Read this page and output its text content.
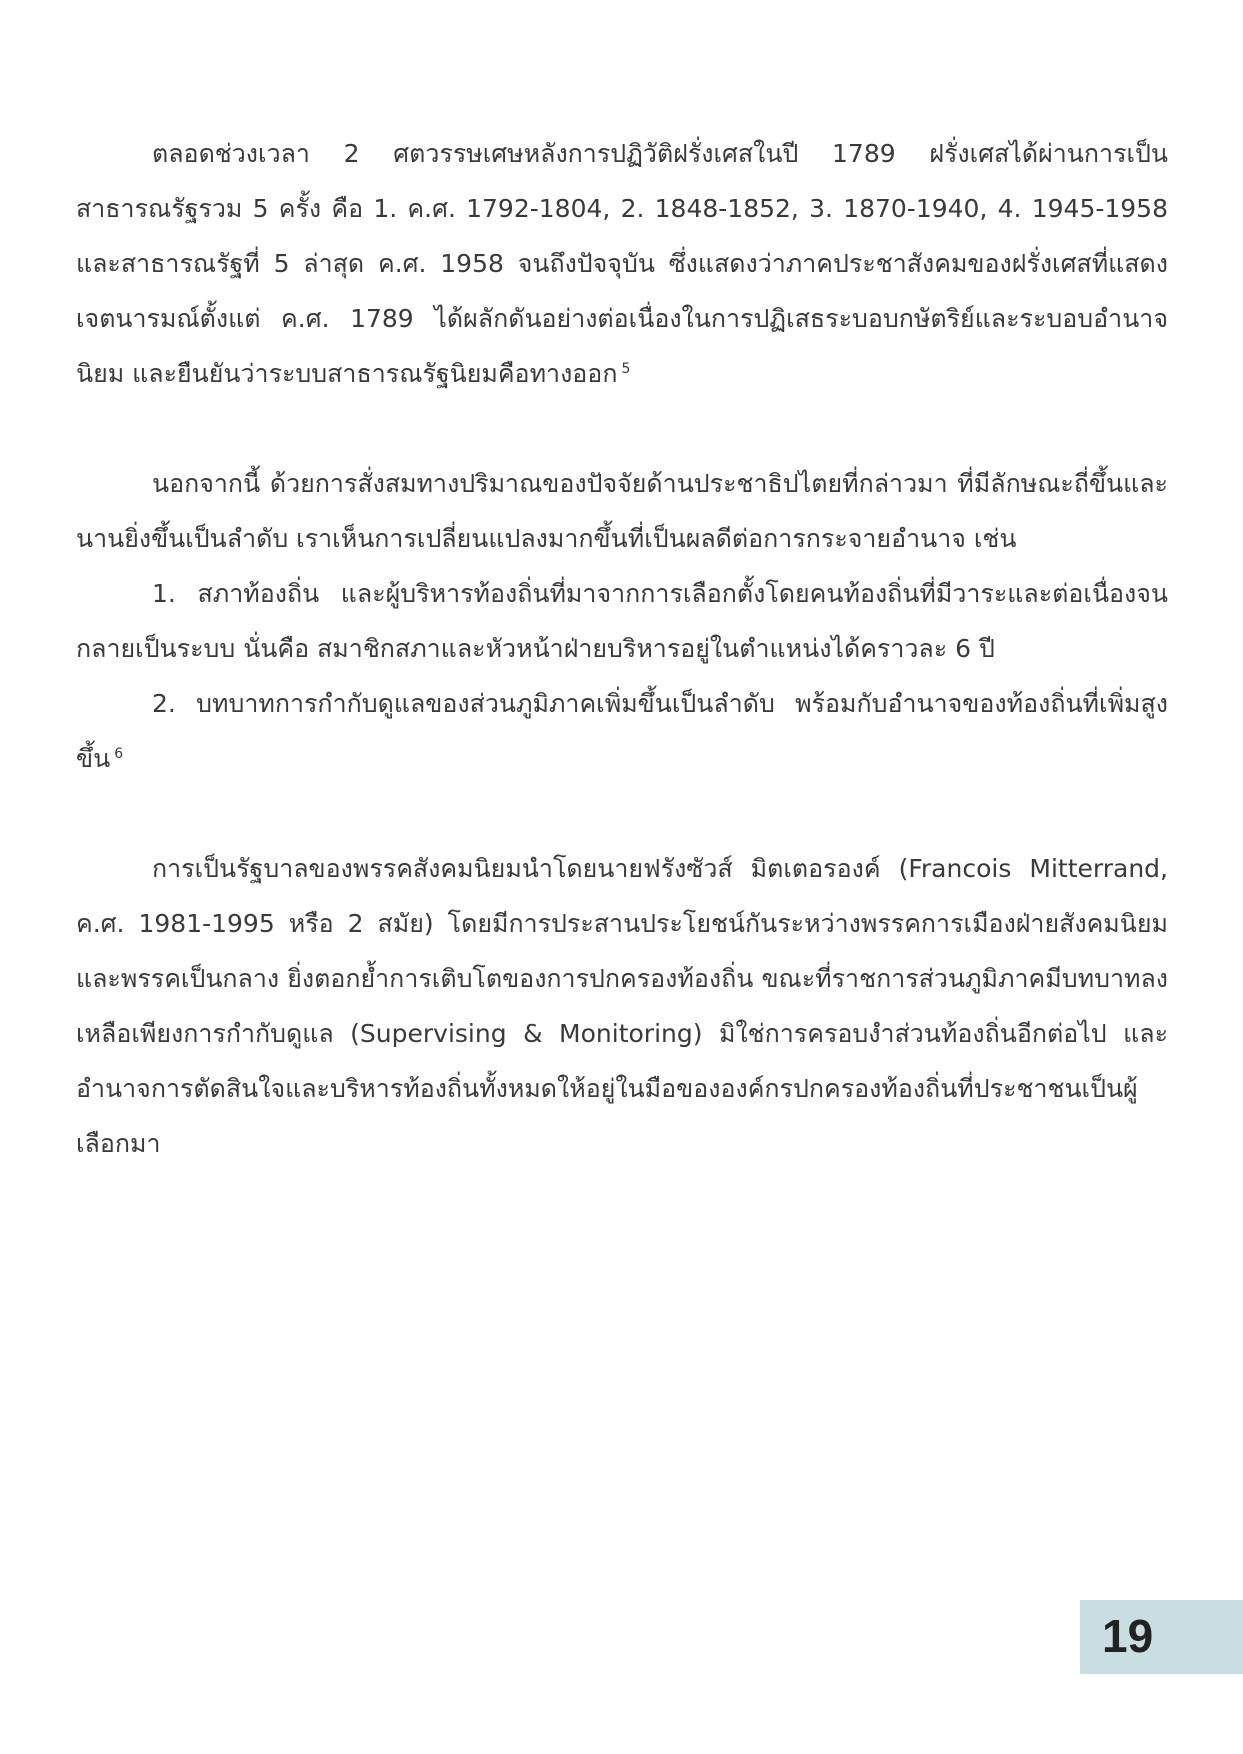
ตลอดช่วงเวลา 2 ศตวรรษเศษหลังการปฏิวัติฝรั่งเศสในปี 1789 ฝรั่งเศสได้ผ่านการเป็นสาธารณรัฐรวม 5 ครั้ง คือ 1. ค.ศ. 1792-1804, 2. 1848-1852, 3. 1870-1940, 4. 1945-1958 และสาธารณรัฐที่ 5 ล่าสุด ค.ศ. 1958 จนถึงปัจจุบัน ซึ่งแสดงว่าภาคประชาสังคมของฝรั่งเศสที่แสดงเจตนารมณ์ตั้งแต่ ค.ศ. 1789 ได้ผลักดันอย่างต่อเนื่องในการปฏิเสธระบอบกษัตริย์และระบอบอำนาจนิยม และยืนยันว่าระบบสาธารณรัฐนิยมคือทางออก $^5$

นอกจากนี้ ด้วยการสั่งสมทางปริมาณของปัจจัยด้านประชาธิปไตยที่กล่าวมา ที่มีลักษณะถี่ขึ้นและนานยิ่งขึ้นเป็นลำดับ เราเห็นการเปลี่ยนแปลงมากขึ้นที่เป็นผลดีต่อการกระจายอำนาจ เช่น

1. สภาท้องถิ่น และผู้บริหารท้องถิ่นที่มาจากการเลือกตั้งโดยคนท้องถิ่นที่มีวาระและต่อเนื่องจนกลายเป็นระบบ นั่นคือ สมาชิกสภาและหัวหน้าฝ่ายบริหารอยู่ในตำแหน่งได้คราวละ 6 ปี

2. บทบาทการกำกับดูแลของส่วนภูมิภาคเพิ่มขึ้นเป็นลำดับ พร้อมกับอำนาจของท้องถิ่นที่เพิ่มสูงขึ้น $^6$

การเป็นรัฐบาลของพรรคสังคมนิยมนำโดยนายฟรังซัวส์ มิตเตอรองค์ (Francois Mitterrand, ค.ศ. 1981-1995 หรือ 2 สมัย) โดยมีการประสานประโยชน์กันระหว่างพรรคการเมืองฝ่ายสังคมนิยมและพรรคเป็นกลาง ยิ่งตอกย้ำการเติบโตของการปกครองท้องถิ่น ขณะที่ราชการส่วนภูมิภาคมีบทบาทลงเหลือเพียงการกำกับดูแล (Supervising & Monitoring) มิใช่การครอบงำส่วนท้องถิ่นอีกต่อไป และอำนาจการตัดสินใจและบริหารท้องถิ่นทั้งหมดให้อยู่ในมือขององค์กรปกครองท้องถิ่นที่ประชาชนเป็นผู้เลือกมา

19
